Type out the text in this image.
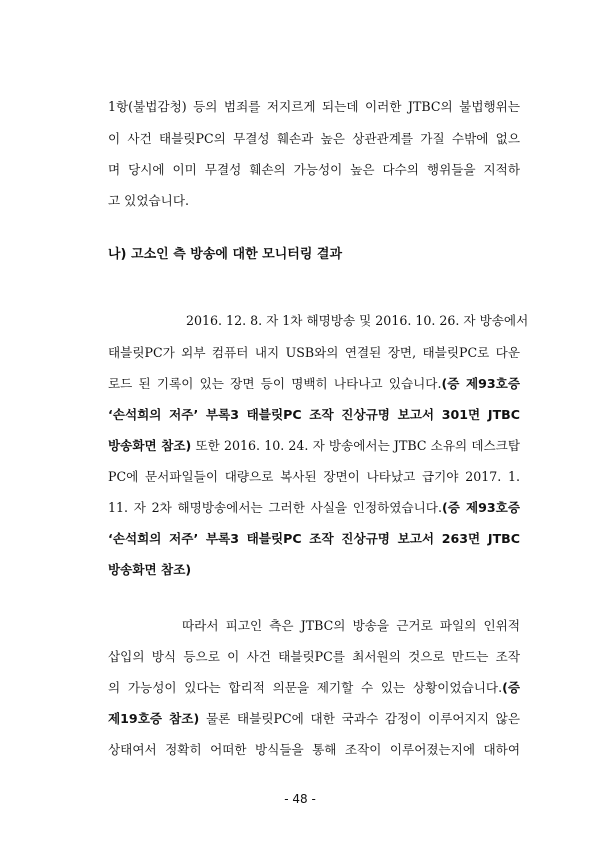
1항(불법감청) 등의 범죄를 저지르게 되는데 이러한 JTBC의 불법행위는
이 사건 태블릿PC의 무결성 훼손과 높은 상관관계를 가질 수밖에 없으
며 당시에 이미 무결성 훼손의 가능성이 높은 다수의 행위들을 지적하
고 있었습니다.
나) 고소인 측 방송에 대한 모니터링 결과
2016. 12. 8. 자 1차 해명방송 및 2016. 10. 26. 자 방송에서
태블릿PC가 외부 컴퓨터 내지 USB와의 연결된 장면, 태블릿PC로 다운
로드 된 기록이 있는 장면 등이 명백히 나타나고 있습니다.(증 제93호증
‘손석희의 저주’ 부록3 태블릿PC 조작 진상규명 보고서 301면 JTBC
방송화면 참조) 또한 2016. 10. 24. 자 방송에서는 JTBC 소유의 데스크탑
PC에 문서파일들이 대량으로 복사된 장면이 나타났고 급기야 2017. 1.
11. 자 2차 해명방송에서는 그러한 사실을 인정하였습니다.(증 제93호증
‘손석희의 저주’ 부록3 태블릿PC 조작 진상규명 보고서 263면 JTBC
방송화면 참조)
따라서 피고인 측은 JTBC의 방송을 근거로 파일의 인위적
삽입의 방식 등으로 이 사건 태블릿PC를 최서원의 것으로 만드는 조작
의 가능성이 있다는 합리적 의문을 제기할 수 있는 상황이었습니다.(증
제19호증 참조) 물론 태블릿PC에 대한 국과수 감정이 이루어지지 않은
상태여서 정확히 어떠한 방식들을 통해 조작이 이루어졌는지에 대하여
- 48 -
